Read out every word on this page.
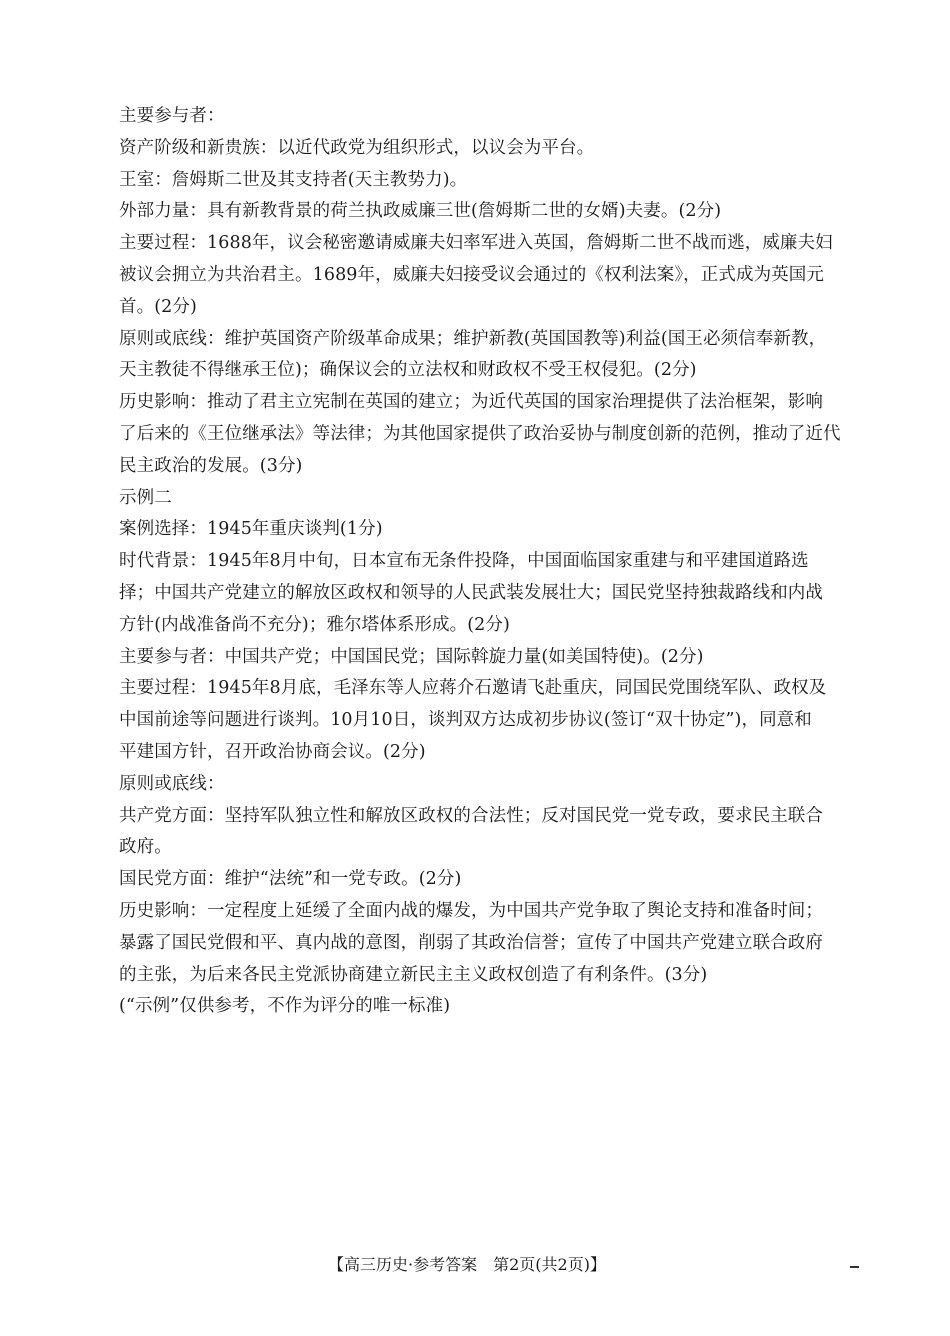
主要参与者：
资产阶级和新贵族：以近代政党为组织形式，以议会为平台。
王室：詹姆斯二世及其支持者(天主教势力)。
外部力量：具有新教背景的荷兰执政威廉三世(詹姆斯二世的女婿)夫妻。(2分)
主要过程：1688年，议会秘密邀请威廉夫妇率军进入英国，詹姆斯二世不战而逃，威廉夫妇
被议会拥立为共治君主。1689年，威廉夫妇接受议会通过的《权利法案》，正式成为英国元
首。(2分)
原则或底线：维护英国资产阶级革命成果；维护新教(英国国教等)利益(国王必须信奉新教，
天主教徒不得继承王位)；确保议会的立法权和财政权不受王权侵犯。(2分)
历史影响：推动了君主立宪制在英国的建立；为近代英国的国家治理提供了法治框架，影响
了后来的《王位继承法》等法律；为其他国家提供了政治妥协与制度创新的范例，推动了近代
民主政治的发展。(3分)
示例二
案例选择：1945年重庆谈判(1分)
时代背景：1945年8月中旬，日本宣布无条件投降，中国面临国家重建与和平建国道路选
择；中国共产党建立的解放区政权和领导的人民武装发展壮大；国民党坚持独裁路线和内战
方针(内战准备尚不充分)；雅尔塔体系形成。(2分)
主要参与者：中国共产党；中国国民党；国际斡旋力量(如美国特使)。(2分)
主要过程：1945年8月底，毛泽东等人应蒋介石邀请飞赴重庆，同国民党围绕军队、政权及
中国前途等问题进行谈判。10月10日，谈判双方达成初步协议(签订“双十协定”)，同意和
平建国方针，召开政治协商会议。(2分)
原则或底线：
共产党方面：坚持军队独立性和解放区政权的合法性；反对国民党一党专政，要求民主联合
政府。
国民党方面：维护“法统”和一党专政。(2分)
历史影响：一定程度上延缓了全面内战的爆发，为中国共产党争取了舆论支持和准备时间；
暴露了国民党假和平、真内战的意图，削弱了其政治信誉；宣传了中国共产党建立联合政府
的主张，为后来各民主党派协商建立新民主主义政权创造了有利条件。(3分)
(“示例”仅供参考，不作为评分的唯一标准)
【高三历史·参考答案　第2页(共2页)】
